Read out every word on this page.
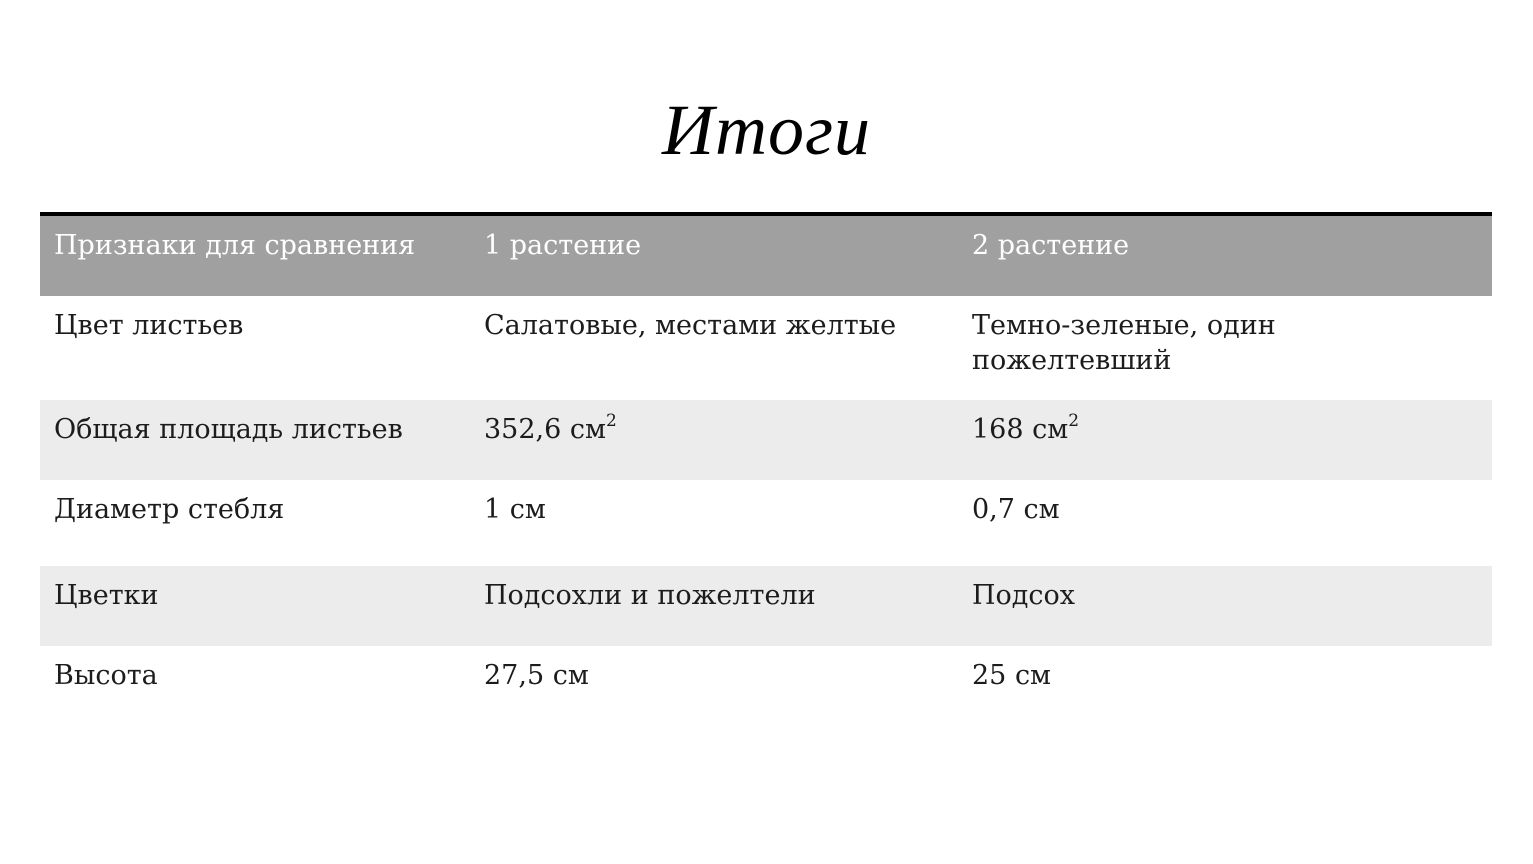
Итоги
Признаки для сравнения	1 растение	2 растение
Цвет листьев	Салатовые, местами желтые	Темно-зеленые, один пожелтевший
Общая площадь листьев	352,6 $см^2$	168 $см^2$
Диаметр стебля	1 см	0,7 см
Цветки	Подсохли и пожелтели	Подсох
Высота	27,5 см	25 см
